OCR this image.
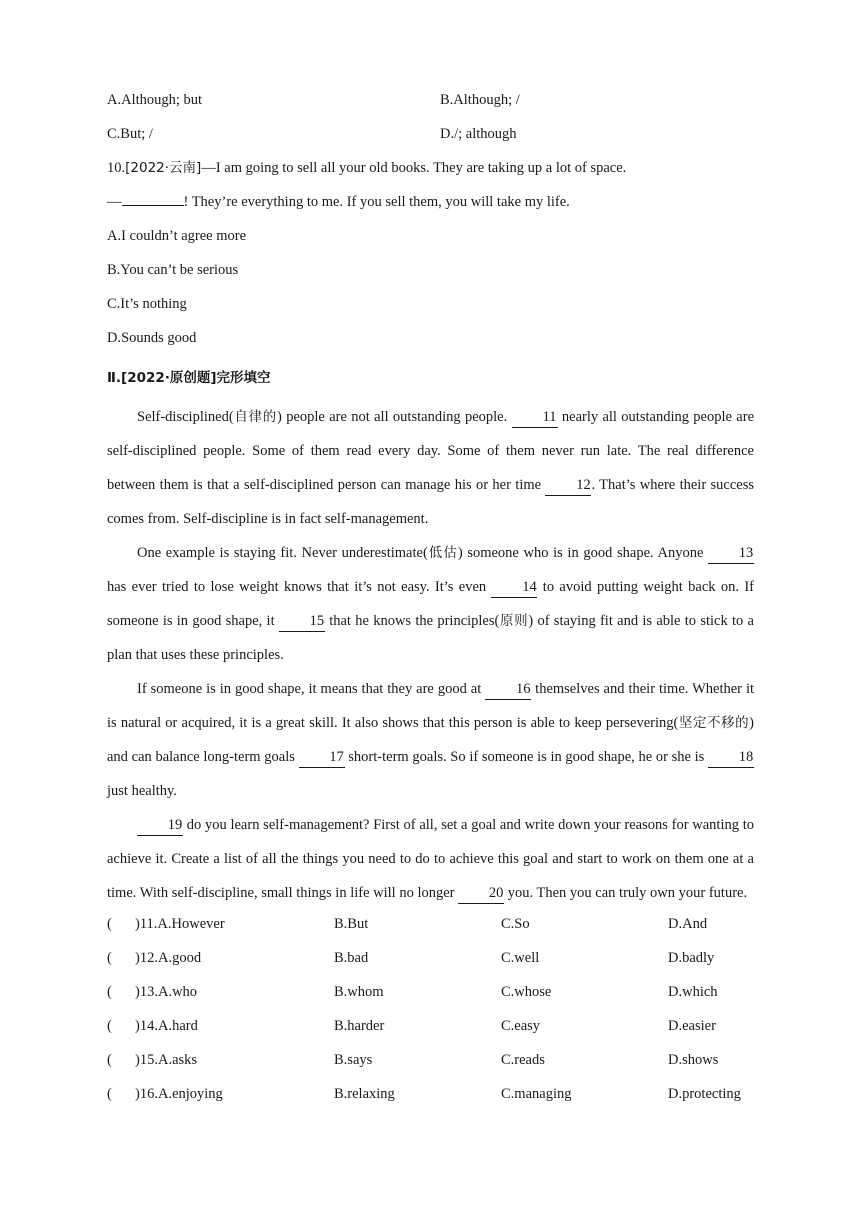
A.Although; but	B.Although; /
C.But; /	D./; although
10.[2022·云南]—I am going to sell all your old books. They are taking up a lot of space.
—	! They’re everything to me. If you sell them, you will take my life.
A.I couldn’t agree more
B.You can’t be serious
C.It’s nothing
D.Sounds good
Ⅱ.[2022·原创题]完形填空

Self-disciplined(自律的) people are not all outstanding people. 11 nearly all outstanding people are self-disciplined people. Some of them read every day. Some of them never run late. The real difference between them is that a self-disciplined person can manage his or her time 12. That’s where their success comes from. Self-discipline is in fact self-management.

One example is staying fit. Never underestimate(低估) someone who is in good shape. Anyone 13 has ever tried to lose weight knows that it’s not easy. It’s even 14 to avoid putting weight back on. If someone is in good shape, it 15 that he knows the principles(原则) of staying fit and is able to stick to a plan that uses these principles.

If someone is in good shape, it means that they are good at 16 themselves and their time. Whether it is natural or acquired, it is a great skill. It also shows that this person is able to keep persevering(坚定不移的) and can balance long-term goals 17 short-term goals. So if someone is in good shape, he or she is 18 just healthy.

19 do you learn self-management? First of all, set a goal and write down your reasons for wanting to achieve it. Create a list of all the things you need to do to achieve this goal and start to work on them one at a time. With self-discipline, small things in life will no longer 20 you. Then you can truly own your future.

( )11.A.However	B.But	C.So	D.And
( )12.A.good	B.bad	C.well	D.badly
( )13.A.who	B.whom	C.whose	D.which
( )14.A.hard	B.harder	C.easy	D.easier
( )15.A.asks	B.says	C.reads	D.shows
( )16.A.enjoying	B.relaxing	C.managing	D.protecting
